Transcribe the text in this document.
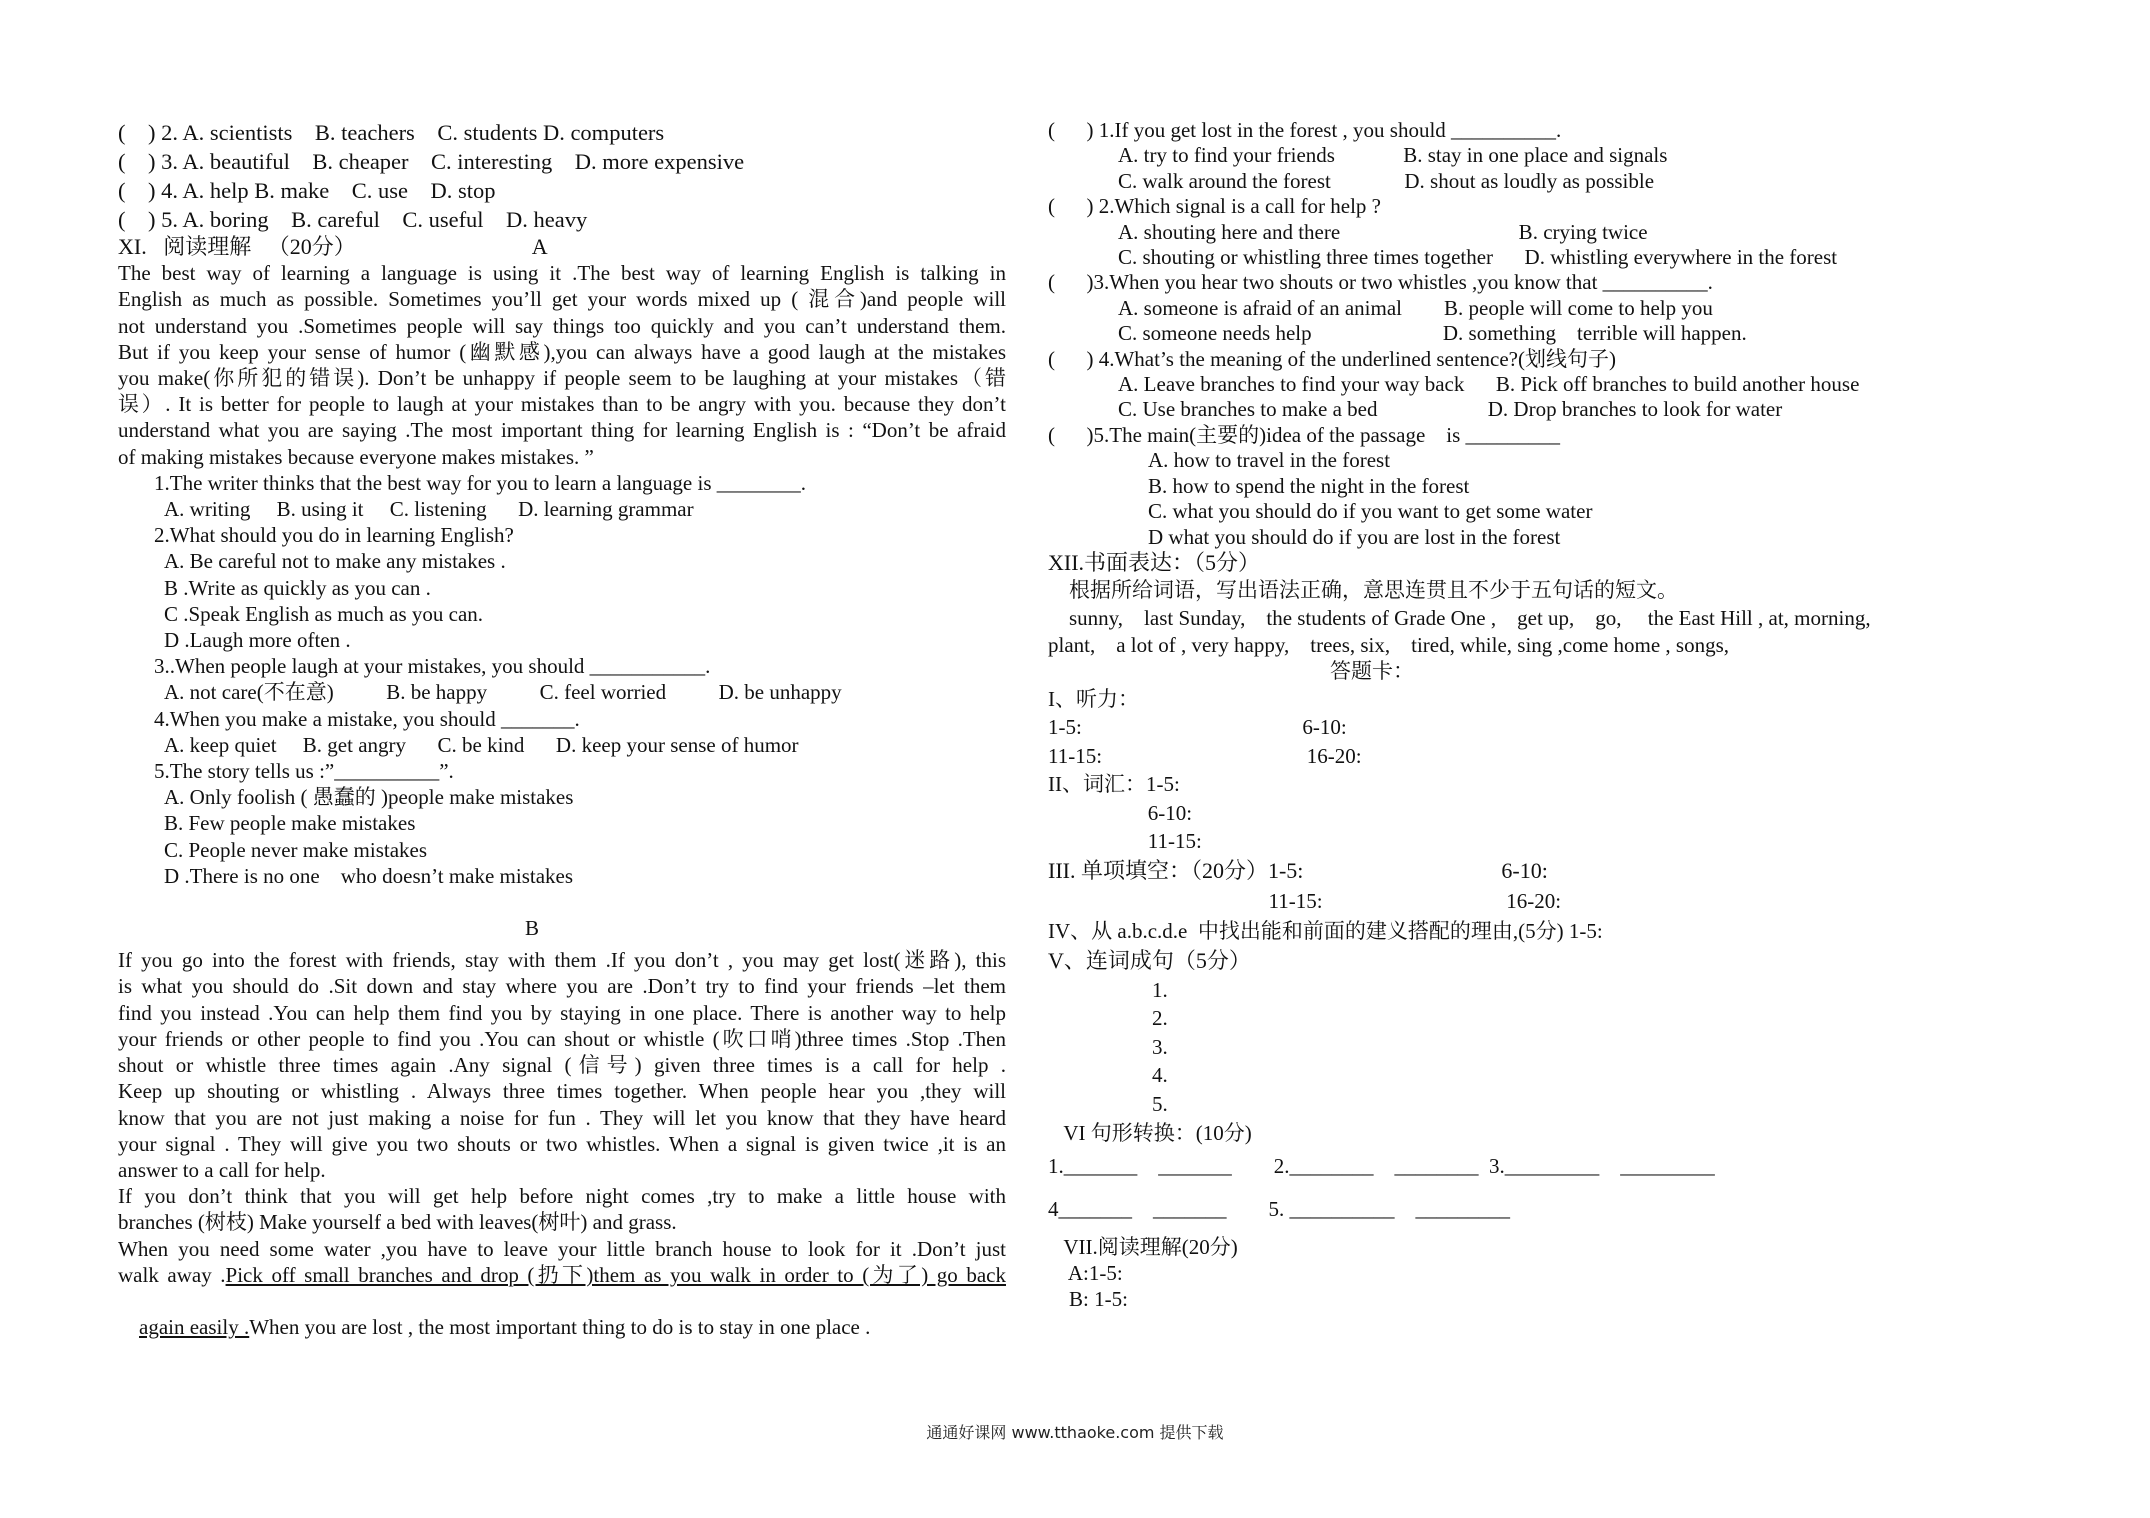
(    ) 2. A. scientists    B. teachers    C. students D. computers
(    ) 3. A. beautiful    B. cheaper    C. interesting    D. more expensive
(    ) 4. A. help B. make    C. use    D. stop
(    ) 5. A. boring    B. careful    C. useful    D. heavy
XI.   阅读理解   （20分）                                A
The best way of learning a language is using it .The best way of learning English is talking in
English as much as possible. Sometimes you’ll get your words mixed up ( 混合)and people will
not understand you .Sometimes people will say things too quickly and you can’t understand them.
But if you keep your sense of humor (幽默感),you can always have a good laugh at the mistakes
you make(你所犯的错误). Don’t be unhappy if people seem to be laughing at your mistakes（错
误）. It is better for people to laugh at your mistakes than to be angry with you. because they don’t
understand what you are saying .The most important thing for learning English is : “Don’t be afraid
of making mistakes because everyone makes mistakes. ”
1.The writer thinks that the best way for you to learn a language is ________.
A. writing     B. using it     C. listening      D. learning grammar
2.What should you do in learning English?
A. Be careful not to make any mistakes .
B .Write as quickly as you can .
C .Speak English as much as you can.
D .Laugh more often .
3..When people laugh at your mistakes, you should ___________.
A. not care(不在意)          B. be happy          C. feel worried          D. be unhappy
4.When you make a mistake, you should _______.
A. keep quiet     B. get angry      C. be kind      D. keep your sense of humor
5.The story tells us :”__________”.
A. Only foolish ( 愚蠢的 )people make mistakes
B. Few people make mistakes
C. People never make mistakes
D .There is no one    who doesn’t make mistakes
B
If you go into the forest with friends, stay with them .If you don’t , you may get lost(迷路), this
is what you should do .Sit down and stay where you are .Don’t try to find your friends –let them
find you instead .You can help them find you by staying in one place. There is another way to help
your friends or other people to find you .You can shout or whistle (吹口哨)three times .Stop .Then
shout or whistle three times again .Any signal (信号) given three times is a call for help .
Keep up shouting or whistling . Always three times together. When people hear you ,they will
know that you are not just making a noise for fun . They will let you know that they have heard
your signal . They will give you two shouts or two whistles. When a signal is given twice ,it is an
answer to a call for help.
If you don’t think that you will get help before night comes ,try to make a little house with
branches (树枝) Make yourself a bed with leaves(树叶) and grass.
When you need some water ,you have to leave your little branch house to look for it .Don’t just
walk away .Pick off small branches and drop (扔下)them as you walk in order to (为了) go back

again easily .When you are lost , the most important thing to do is to stay in one place .

(      ) 1.If you get lost in the forest , you should __________.
A. try to find your friends             B. stay in one place and signals
C. walk around the forest              D. shout as loudly as possible
(      ) 2.Which signal is a call for help ?
A. shouting here and there                                  B. crying twice
C. shouting or whistling three times together      D. whistling everywhere in the forest
(      )3.When you hear two shouts or two whistles ,you know that __________.
A. someone is afraid of an animal        B. people will come to help you
C. someone needs help                         D. something    terrible will happen.
(      ) 4.What’s the meaning of the underlined sentence?(划线句子)
A. Leave branches to find your way back      B. Pick off branches to build another house
C. Use branches to make a bed                     D. Drop branches to look for water
(      )5.The main(主要的)idea of the passage    is _________
A. how to travel in the forest
B. how to spend the night in the forest
C. what you should do if you want to get some water
D what you should do if you are lost in the forest
XII.书面表达：（5分）
根据所给词语，写出语法正确，意思连贯且不少于五句话的短文。
sunny,    last Sunday,    the students of Grade One ,    get up,    go,     the East Hill , at, morning,
plant,    a lot of , very happy,    trees, six,    tired, while, sing ,come home , songs,
答题卡：
I、听力：
1-5:                                          6-10:
11-15:                                       16-20:
II、词汇：1-5:
6-10:
11-15:
III. 单项填空：（20分）1-5:                                    6-10:
11-15:                                   16-20:
IV、从 a.b.c.d.e  中找出能和前面的建义搭配的理由,(5分) 1-5:
V、连词成句（5分）
1.
2.
3.
4.
5.
VI 句形转换：(10分)
1._______    _______        2.________    ________  3._________    _________
4_______    _______        5. __________    _________
VII.阅读理解(20分)
A:1-5:
B: 1-5:
通通好课网 www.tthaoke.com 提供下载
